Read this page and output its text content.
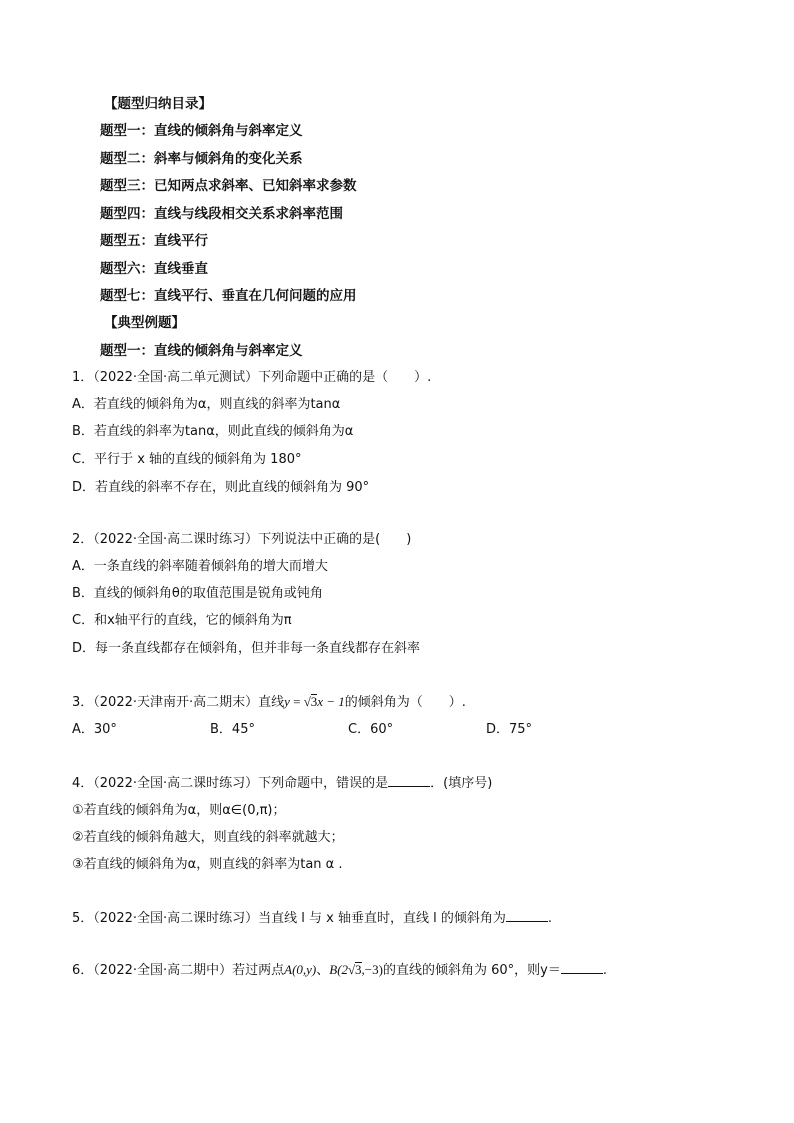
【题型归纳目录】
题型一：直线的倾斜角与斜率定义
题型二：斜率与倾斜角的变化关系
题型三：已知两点求斜率、已知斜率求参数
题型四：直线与线段相交关系求斜率范围
题型五：直线平行
题型六：直线垂直
题型七：直线平行、垂直在几何问题的应用
【典型例题】
题型一：直线的倾斜角与斜率定义
1．（2022·全国·高二单元测试）下列命题中正确的是（　　）.
A．若直线的倾斜角为α，则直线的斜率为tanα
B．若直线的斜率为tanα，则此直线的倾斜角为α
C．平行于 x 轴的直线的倾斜角为 180°
D．若直线的斜率不存在，则此直线的倾斜角为 90°
2．（2022·全国·高二课时练习）下列说法中正确的是(　　)
A．一条直线的斜率随着倾斜角的增大而增大
B．直线的倾斜角θ的取值范围是锐角或钝角
C．和x轴平行的直线，它的倾斜角为π
D．每一条直线都存在倾斜角，但并非每一条直线都存在斜率
3．（2022·天津南开·高二期末）直线y = √ 3x − 1的倾斜角为（　　）.
A．30°	B．45°	C．60°	D．75°
4．（2022·全国·高二课时练习）下列命题中，错误的是	．(填序号)
①若直线的倾斜角为α，则α∈(0,π)；
②若直线的倾斜角越大，则直线的斜率就越大；
③若直线的倾斜角为α，则直线的斜率为tan α .
5．（2022·全国·高二课时练习）当直线 l 与 x 轴垂直时，直线 l 的倾斜角为	.
6．（2022·全国·高二期中）若过两点A(0,y)、B(2 √ 3,−3)的直线的倾斜角为 60°，则y＝	.
